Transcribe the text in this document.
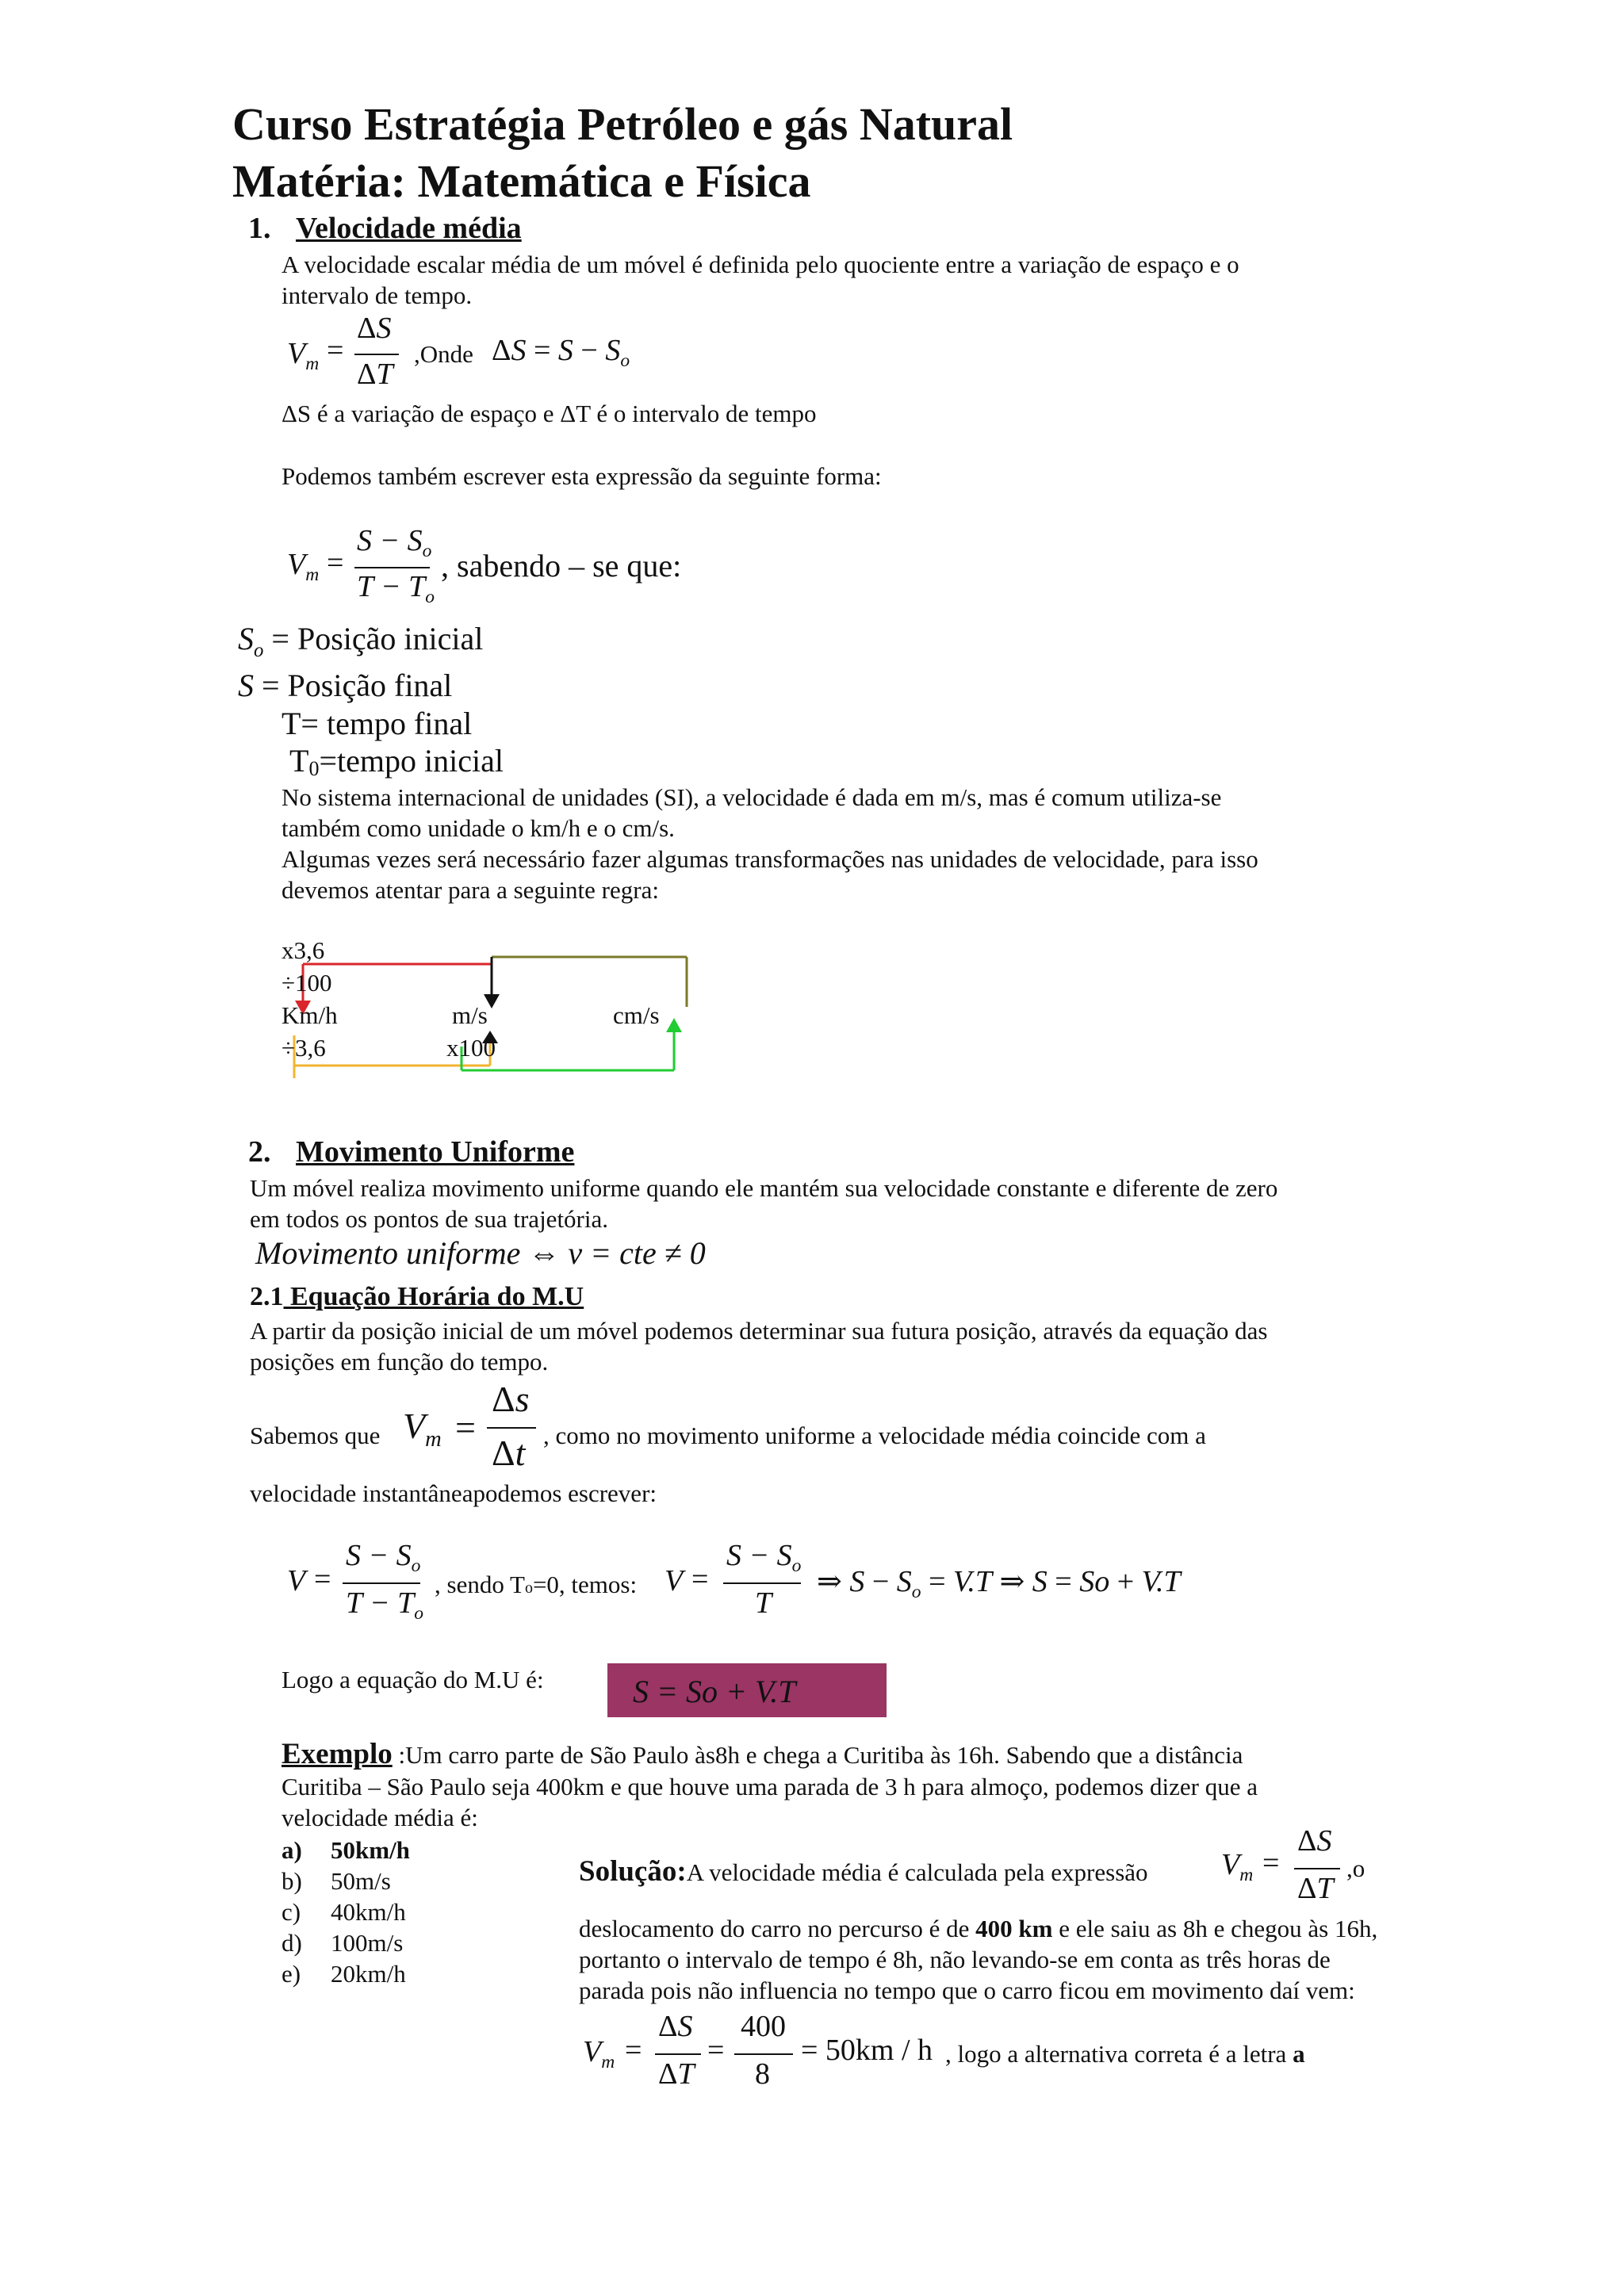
Curso Estratégia Petróleo e gás Natural
Matéria: Matemática e Física
1. Velocidade média
A velocidade escalar média de um móvel é definida pelo quociente entre a variação de espaço e o
intervalo de tempo.
$V_m$ =
ΔS
ΔT
,Onde $\Delta S = S - S_o$
ΔS é a variação de espaço e ΔT é o intervalo de tempo
Podemos também escrever esta expressão da seguinte forma:
$V_m$ =
$S - S_o$
$T - T_o$
, sabendo – se que:
$S_o$ = Posição inicial
S = Posição final
T= tempo final
T0=tempo inicial
No sistema internacional de unidades (SI), a velocidade é dada em m/s, mas é comum utiliza-se
também como unidade o km/h e o cm/s.
Algumas vezes será necessário fazer algumas transformações nas unidades de velocidade, para isso
devemos atentar para a seguinte regra:
x3,6
÷100
Km/h	m/s	cm/s
÷3,6	x100
2. Movimento Uniforme
Um móvel realiza movimento uniforme quando ele mantém sua velocidade constante e diferente de zero
em todos os pontos de sua trajetória.
Movimento uniforme ⇔ v = cte ≠ 0
2.1 Equação Horária do M.U
A partir da posição inicial de um móvel podemos determinar sua futura posição, através da equação das
posições em função do tempo.
Sabemos que $V_m$ =
Δs
Δt , como no movimento uniforme a velocidade média coincide com a
velocidade instantâneapodemos escrever:
V =
$S - S_o$
$T - T_o$
, sendo To=0, temos: V =
$S - S_o$
T
⇒ $S - S_o = V.T$ ⇒ S = So + V.T
Logo a equação do M.U é:	S = So + V.T
Exemplo :Um carro parte de São Paulo às8h e chega a Curitiba às 16h. Sabendo que a distância
Curitiba – São Paulo seja 400km e que houve uma parada de 3 h para almoço, podemos dizer que a
velocidade média é:
a) 50km/h
b) 50m/s
c) 40km/h
d) 100m/s
e) 20km/h
Solução:A velocidade média é calculada pela expressão $V_m$ =
ΔS
ΔT
,o
deslocamento do carro no percurso é de 400 km e ele saiu as 8h e chegou às 16h,
portanto o intervalo de tempo é 8h, não levando-se em conta as três horas de
parada pois não influencia no tempo que o carro ficou em movimento daí vem:
$V_m$ =
ΔS
ΔT
=
400
8
= 50km / h , logo a alternativa correta é a letra a
